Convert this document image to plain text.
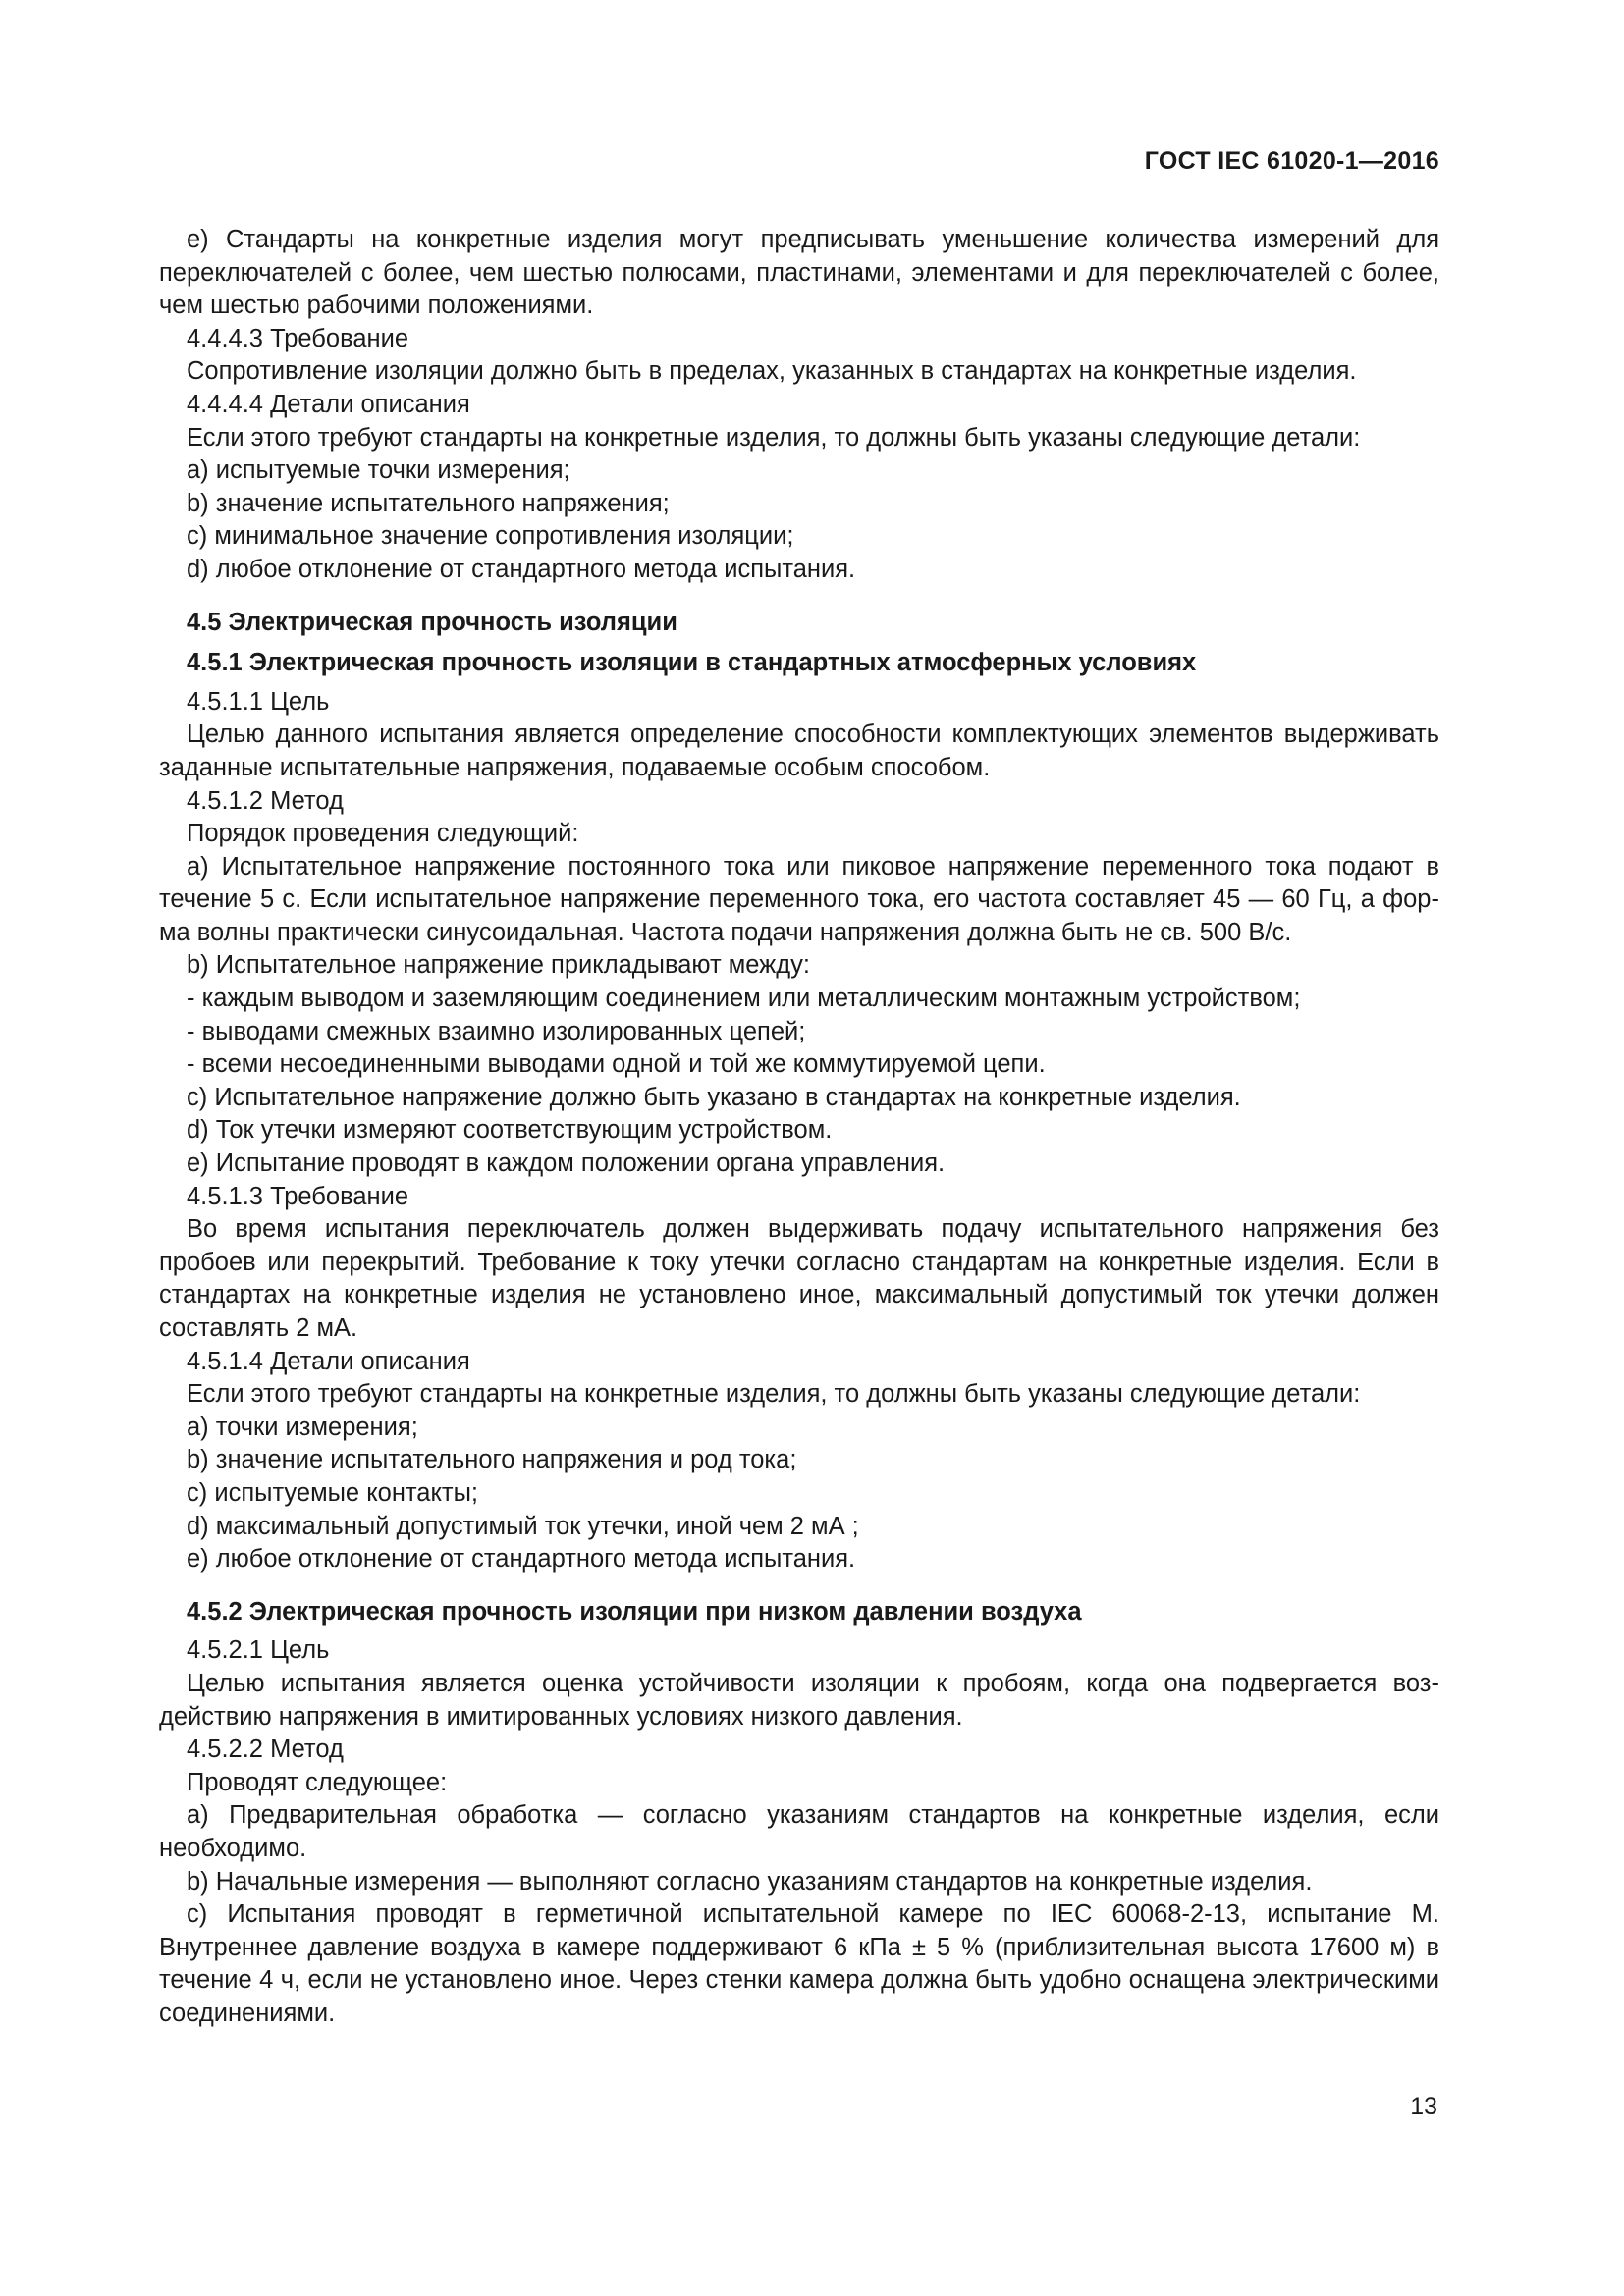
ГОСТ IEC 61020-1—2016

e) Стандарты на конкретные изделия могут предписывать уменьшение количества измерений для переключателей с более, чем шестью полюсами, пластинами, элементами и для переключателей с более, чем шестью рабочими положениями.

4.4.4.3 Требование

Сопротивление изоляции должно быть в пределах, указанных в стандартах на конкретные изделия.

4.4.4.4 Детали описания

Если этого требуют стандарты на конкретные изделия, то должны быть указаны следующие детали:

a) испытуемые точки измерения;

b) значение испытательного напряжения;

c) минимальное значение сопротивления изоляции;

d) любое отклонение от стандартного метода испытания.

4.5 Электрическая прочность изоляции

4.5.1 Электрическая прочность изоляции в стандартных атмосферных условиях

4.5.1.1 Цель

Целью данного испытания является определение способности комплектующих элементов выдерживать заданные испытательные напряжения, подаваемые особым способом.

4.5.1.2 Метод

Порядок проведения следующий:

a) Испытательное напряжение постоянного тока или пиковое напряжение переменного тока подают в течение 5 с. Если испытательное напряжение переменного тока, его частота составляет 45 — 60 Гц, а форма волны практически синусоидальная. Частота подачи напряжения должна быть не св. 500 В/с.

b) Испытательное напряжение прикладывают между:

- каждым выводом и заземляющим соединением или металлическим монтажным устройством;

- выводами смежных взаимно изолированных цепей;

- всеми несоединенными выводами одной и той же коммутируемой цепи.

c) Испытательное напряжение должно быть указано в стандартах на конкретные изделия.

d) Ток утечки измеряют соответствующим устройством.

e) Испытание проводят в каждом положении органа управления.

4.5.1.3 Требование

Во время испытания переключатель должен выдерживать подачу испытательного напряжения без пробоев или перекрытий. Требование к току утечки согласно стандартам на конкретные изделия. Если в стандартах на конкретные изделия не установлено иное, максимальный допустимый ток утечки должен составлять 2 мА.

4.5.1.4 Детали описания

Если этого требуют стандарты на конкретные изделия, то должны быть указаны следующие детали:

a) точки измерения;

b) значение испытательного напряжения и род тока;

c) испытуемые контакты;

d) максимальный допустимый ток утечки, иной чем 2 мА ;

e) любое отклонение от стандартного метода испытания.

4.5.2 Электрическая прочность изоляции при низком давлении воздуха

4.5.2.1 Цель

Целью испытания является оценка устойчивости изоляции к пробоям, когда она подвергается воздействию напряжения в имитированных условиях низкого давления.

4.5.2.2 Метод

Проводят следующее:

a) Предварительная обработка — согласно указаниям стандартов на конкретные изделия, если необходимо.

b) Начальные измерения — выполняют согласно указаниям стандартов на конкретные изделия.

c) Испытания проводят в герметичной испытательной камере по IEC 60068-2-13, испытание М. Внутреннее давление воздуха в камере поддерживают 6 кПа ± 5 % (приблизительная высота 17600 м) в течение 4 ч, если не установлено иное. Через стенки камера должна быть удобно оснащена электрическими соединениями.

13
